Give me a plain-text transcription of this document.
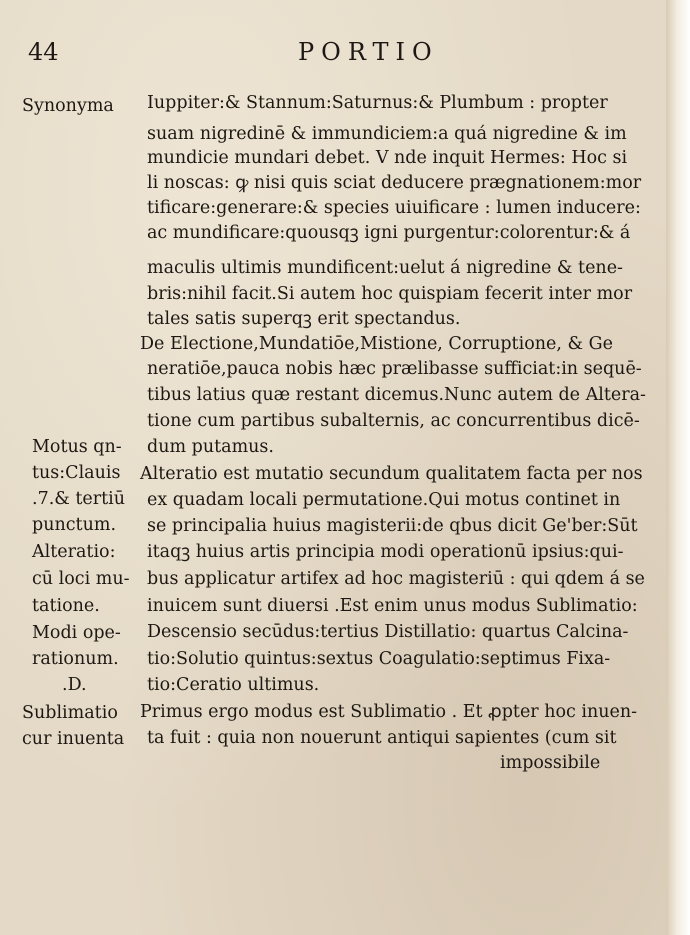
44	PORTIO
Iuppiter:& Stannum:Saturnus:& Plumbum : propter
suam nigredinē & immundiciem:a quá nigredine & im
mundicie mundari debet. V nde inquit Hermes: Hoc si
li noscas: ꝙ nisi quis sciat deducere prægnationem:mor
tificare:generare:& species uiuificare : lumen inducere:
ac mundificare:quousqꝫ igni purgentur:colorentur:& á
maculis ultimis mundificent:uelut á nigredine & tene-
bris:nihil facit.Si autem hoc quispiam fecerit inter mor
tales satis superqꝫ erit spectandus.
De Electione,Mundatiōe,Mistione, Corruptione, & Ge
neratiōe,pauca nobis hæc prælibasse sufficiat:in sequē-
tibus latius quæ restant dicemus.Nunc autem de Altera-
tione cum partibus subalternis, ac concurrentibus dicē-
dum putamus.
Alteratio est mutatio secundum qualitatem facta per nos
ex quadam locali permutatione.Qui motus continet in
se principalia huius magisterii:de qbus dicit Ge'ber:Sūt
itaqꝫ huius artis principia modi operationū ipsius:qui-
bus applicatur artifex ad hoc magisteriū : qui qdem á se
inuicem sunt diuersi .Est enim unus modus Sublimatio:
Descensio secūdus:tertius Distillatio: quartus Calcina-
tio:Solutio quintus:sextus Coagulatio:septimus Fixa-
tio:Ceratio ultimus.
Primus ergo modus est Sublimatio . Et ꝓpter hoc inuen-
ta fuit : quia non nouerunt antiqui sapientes (cum sit
impossibile
Synonyma
Motus qn-
tus:Clauis
.7.& tertiū
punctum.
Alteratio:
cū loci mu-
tatione.
Modi ope-
rationum.
.D.
Sublimatio
cur inuenta
